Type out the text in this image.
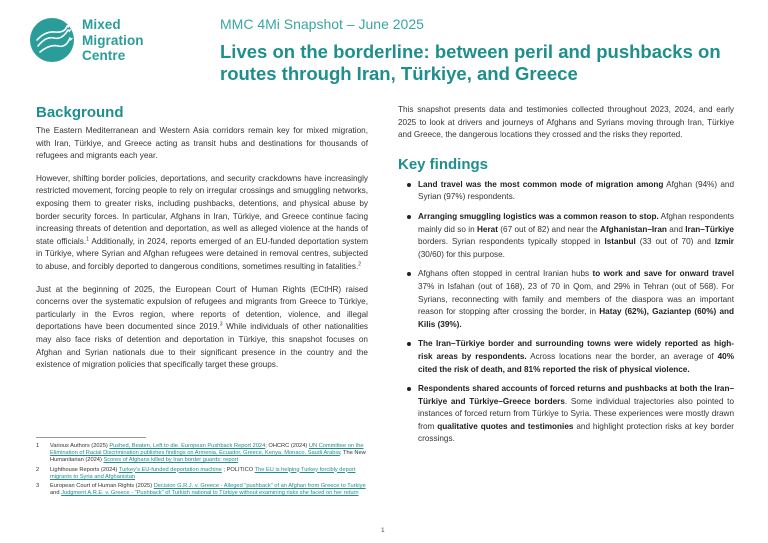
Mixed
Migration
Centre
MMC 4Mi Snapshot – June 2025
Lives on the borderline: between peril and pushbacks on routes through Iran, Türkiye, and Greece
Background

The Eastern Mediterranean and Western Asia corridors remain key for mixed migration, with Iran, Türkiye, and Greece acting as transit hubs and destinations for thousands of refugees and migrants each year.

However, shifting border policies, deportations, and security crackdowns have increasingly restricted movement, forcing people to rely on irregular crossings and smuggling networks, exposing them to greater risks, including pushbacks, detentions, and physical abuse by border security forces. In particular, Afghans in Iran, Türkiye, and Greece continue facing increasing threats of detention and deportation, as well as alleged violence at the hands of state officials.$^1$ Additionally, in 2024, reports emerged of an EU-funded deportation system in Türkiye, where Syrian and Afghan refugees were detained in removal centres, subjected to abuse, and forcibly deported to dangerous conditions, sometimes resulting in fatalities.$^2$

Just at the beginning of 2025, the European Court of Human Rights (ECtHR) raised concerns over the systematic expulsion of refugees and migrants from Greece to Türkiye, particularly in the Evros region, where reports of detention, violence, and illegal deportations have been documented since 2019.$^3$ While individuals of other nationalities may also face risks of detention and deportation in Türkiye, this snapshot focuses on Afghan and Syrian nationals due to their significant presence in the country and the existence of migration policies that specifically target these groups.

This snapshot presents data and testimonies collected throughout 2023, 2024, and early 2025 to look at drivers and journeys of Afghans and Syrians moving through Iran, Türkiye and Greece, the dangerous locations they crossed and the risks they reported.

Key findings
Land travel was the most common mode of migration among Afghan (94%) and Syrian (97%) respondents.
Arranging smuggling logistics was a common reason to stop. Afghan respondents mainly did so in Herat (67 out of 82) and near the Afghanistan–Iran and Iran–Türkiye borders. Syrian respondents typically stopped in Istanbul (33 out of 70) and Izmir (30/60) for this purpose.
Afghans often stopped in central Iranian hubs to work and save for onward travel 37% in Isfahan (out of 168), 23 of 70 in Qom, and 29% in Tehran (out of 568). For Syrians, reconnecting with family and members of the diaspora was an important reason for stopping after crossing the border, in Hatay (62%), Gaziantep (60%) and Kilis (39%).
The Iran–Türkiye border and surrounding towns were widely reported as high-risk areas by respondents. Across locations near the border, an average of 40% cited the risk of death, and 81% reported the risk of physical violence.
Respondents shared accounts of forced returns and pushbacks at both the Iran–Türkiye and Türkiye–Greece borders. Some individual trajectories also pointed to instances of forced return from Türkiye to Syria. These experiences were mostly drawn from qualitative quotes and testimonies and highlight protection risks at key border crossings.
1 Various Authors (2025) Pushed, Beaten, Left to die. European Pushback Report 2024; OHCRC (2024) UN Committee on the Elimination of Racial Discrimination publishes findings on Armenia, Ecuador, Greece, Kenya, Monaco, Saudi Arabia; The New Humanitarian (2024) Scores of Afghans killed by Iran border guards: report
2 Lighthouse Reports (2024) Turkey's EU-funded deportation machine ; POLITICO The EU is helping Turkey forcibly deport migrants to Syria and Afghanistan
3 European Court of Human Rights (2025) Decision G.R.J. v. Greece - Alleged "pushback" of an Afghan from Greece to Turkiye and Judgment A.R.E. v. Greece - "Pushback" of Turkish national to Türkiye without examining risks she faced on her return
1
